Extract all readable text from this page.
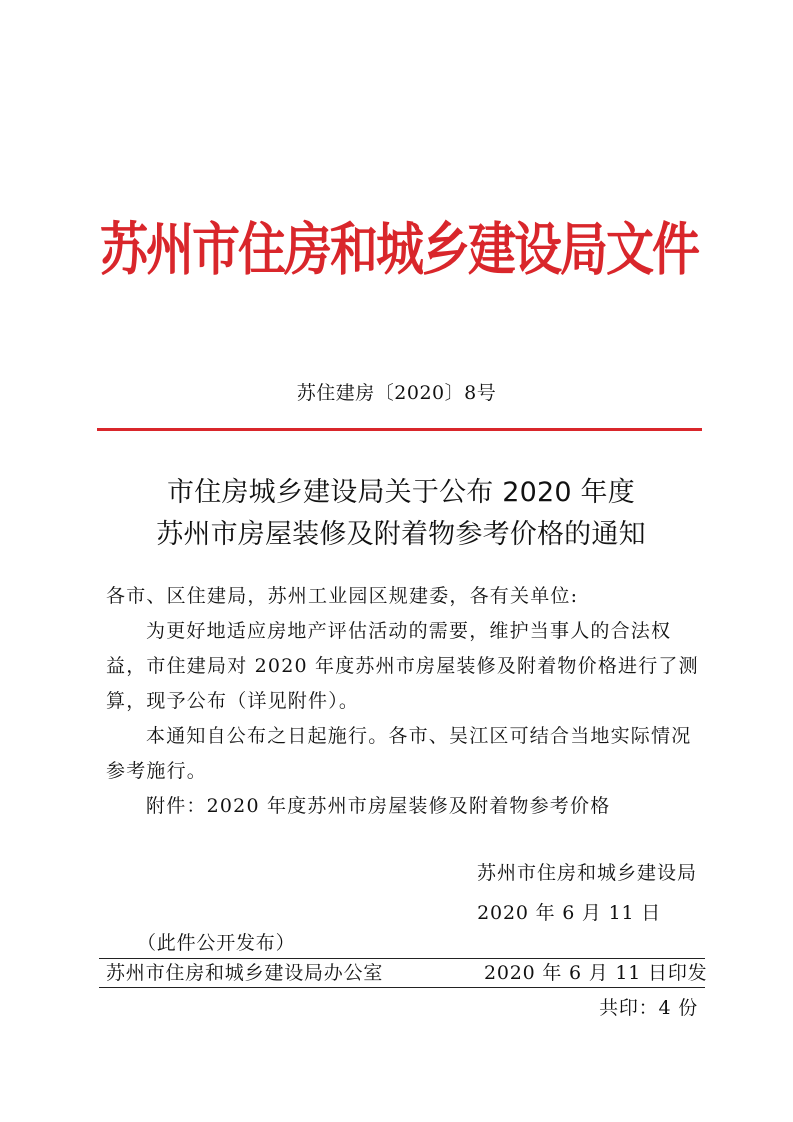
苏州市住房和城乡建设局文件
苏住建房〔2020〕8号
市住房城乡建设局关于公布 2020 年度
苏州市房屋装修及附着物参考价格的通知

各市、区住建局，苏州工业园区规建委，各有关单位:

为更好地适应房地产评估活动的需要，维护当事人的合法权益，市住建局对 2020 年度苏州市房屋装修及附着物价格进行了测算，现予公布（详见附件）。

本通知自公布之日起施行。各市、吴江区可结合当地实际情况参考施行。

附件：2020 年度苏州市房屋装修及附着物参考价格

苏州市住房和城乡建设局
2020 年 6 月 11 日
（此件公开发布）
苏州市住房和城乡建设局办公室	2020 年 6 月 11 日印发
共印：4 份
